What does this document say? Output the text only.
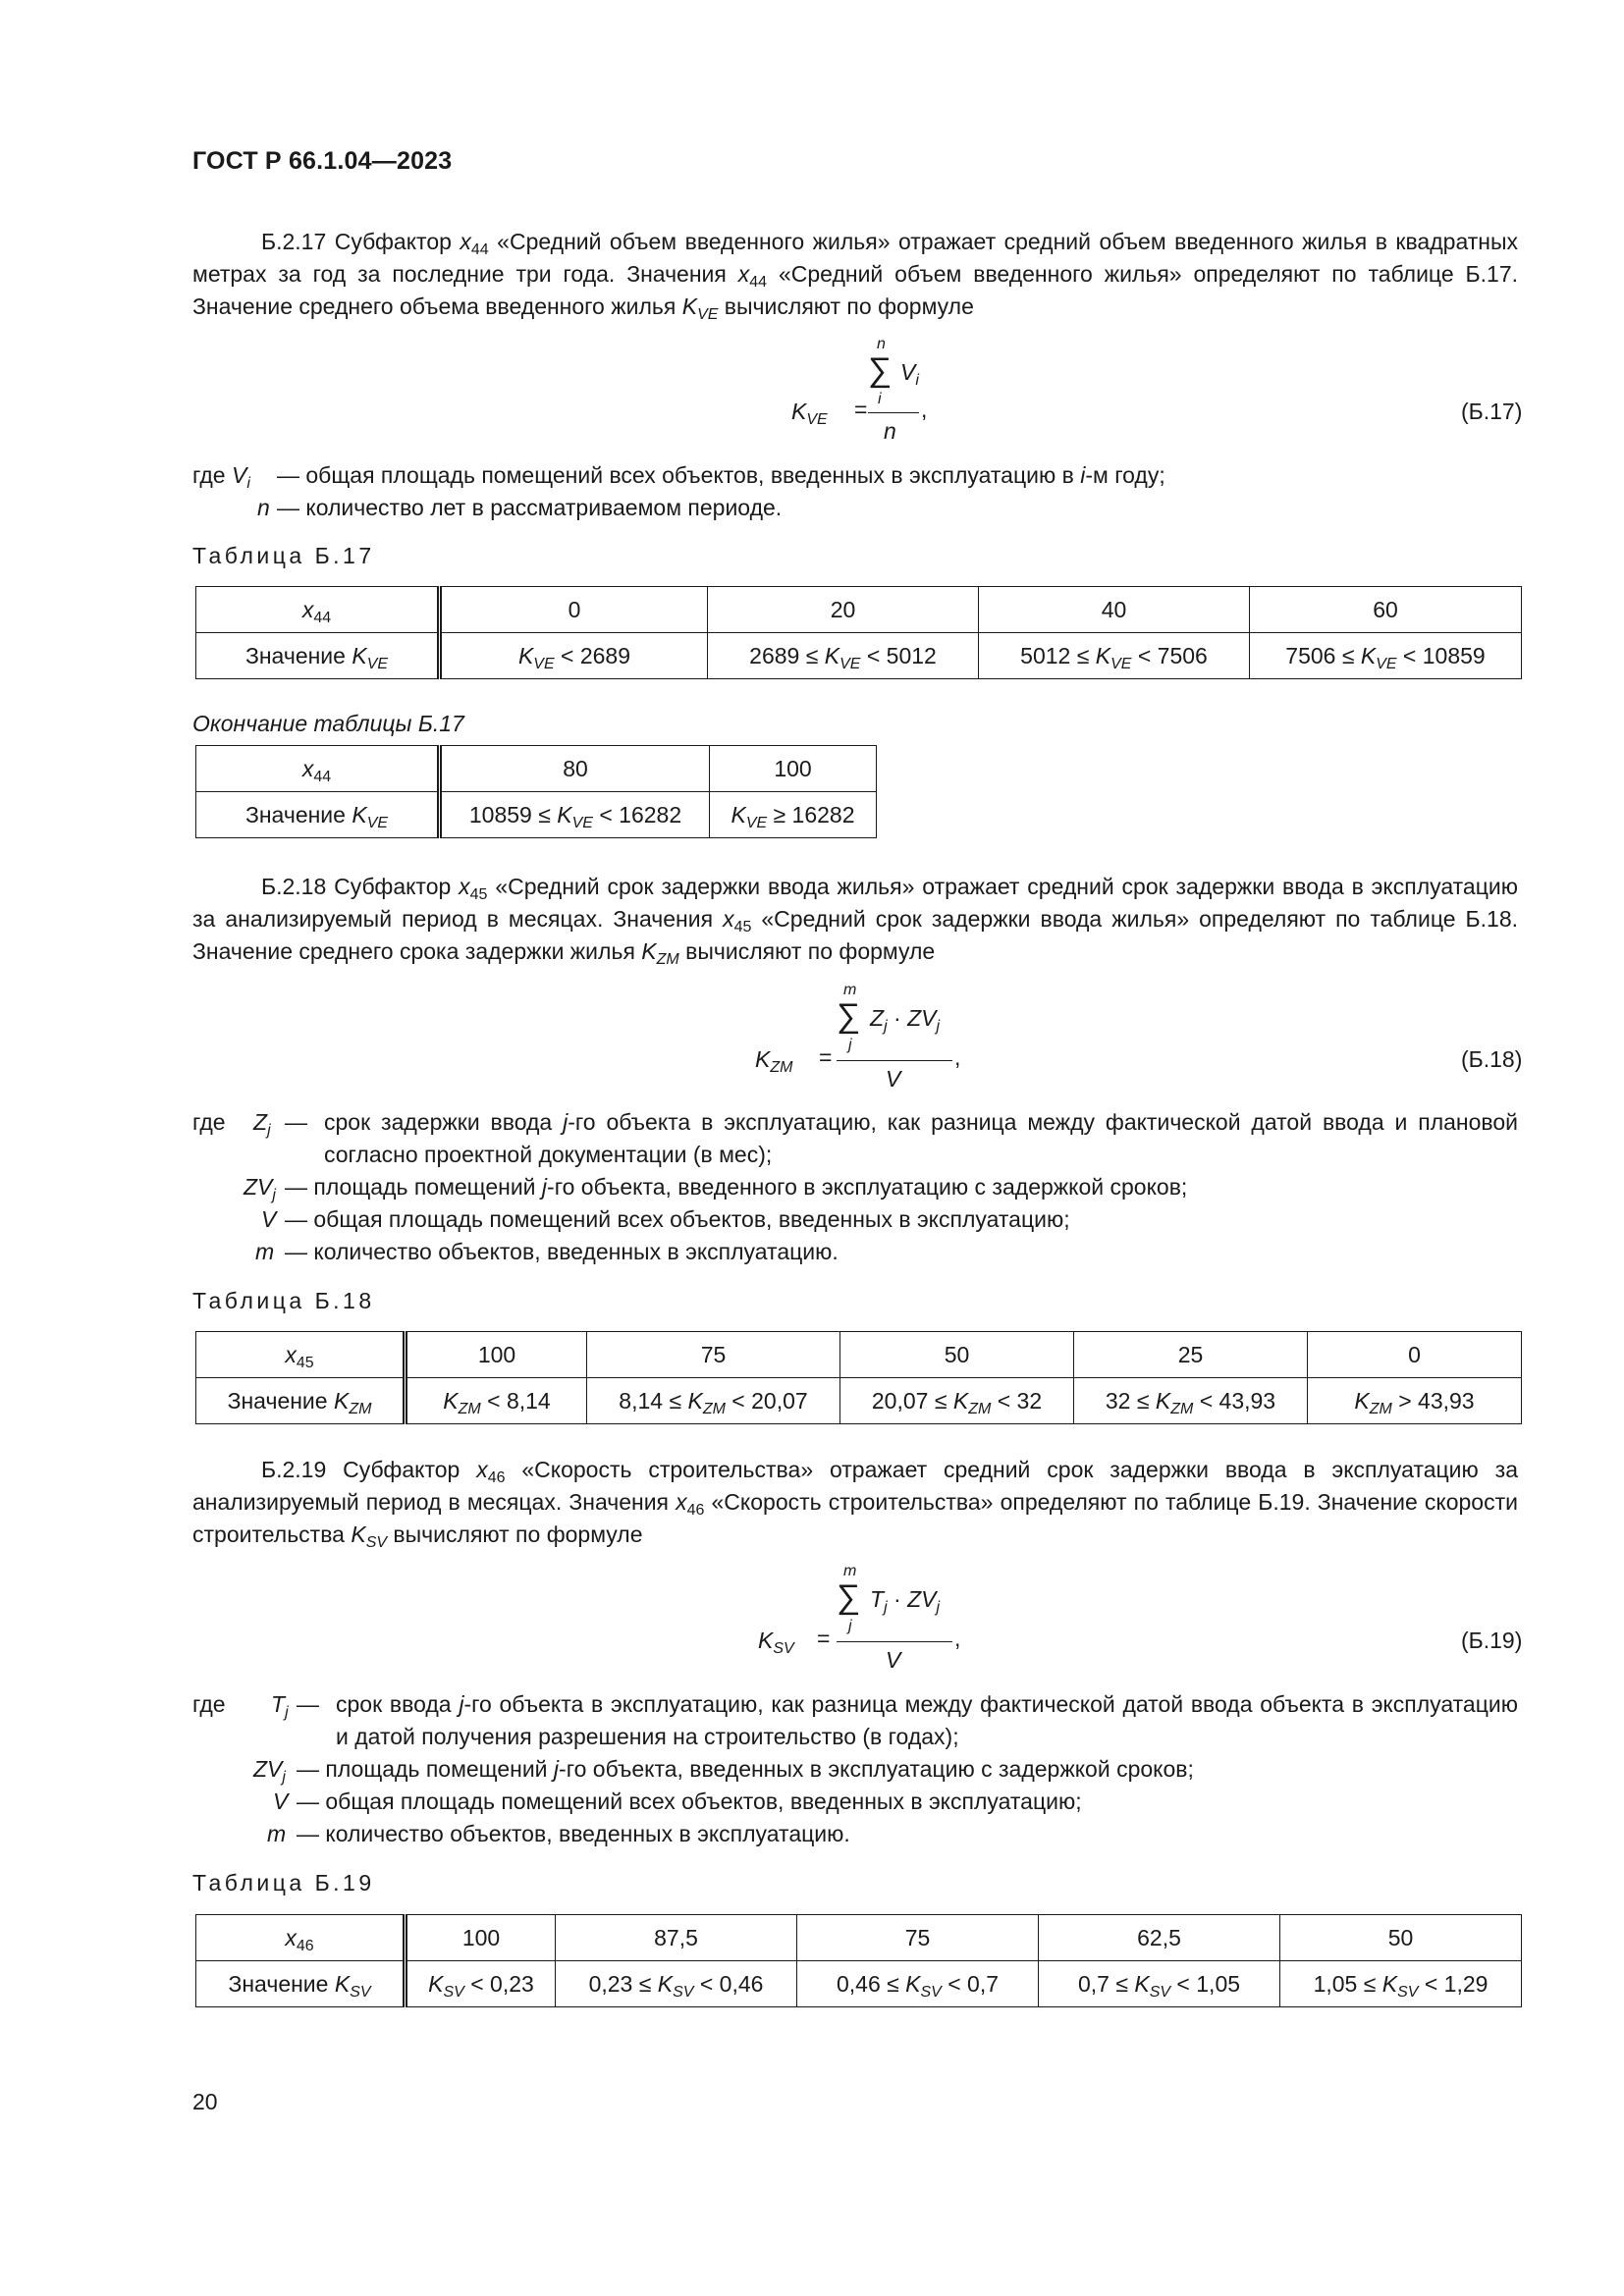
ГОСТ Р 66.1.04—2023
Б.2.17 Субфактор $x_{44}$ «Средний объем введенного жилья» отражает средний объем введенного жилья в квадратных метрах за год за последние три года. Значения $x_{44}$ «Средний объем введенного жилья» определяют по таблице Б.17. Значение среднего объема введенного жилья $K_{VE}$ вычисляют по формуле
$K_{VE}$ =
n
∑
i
$V_i$
n
,	(Б.17)
где $V_i$ — общая площадь помещений всех объектов, введенных в эксплуатацию в i-м году;
n — количество лет в рассматриваемом периоде.
Таблица Б.17
$x_{44}$	0	20	40	60
Значение $K_{VE}$	$K_{VE} < 2689$	$2689 \le K_{VE} < 5012$	$5012 \le K_{VE} < 7506$	$7506 \le K_{VE} < 10859$
Окончание таблицы Б.17
$x_{44}$	80	100
Значение $K_{VE}$	$10859 \le K_{VE} < 16282$	$K_{VE} \ge 16282$
Б.2.18 Субфактор $x_{45}$ «Средний срок задержки ввода жилья» отражает средний срок задержки ввода в эксплуатацию за анализируемый период в месяцах. Значения $x_{45}$ «Средний срок задержки ввода жилья» определяют по таблице Б.18. Значение среднего срока задержки жилья $K_{ZM}$ вычисляют по формуле
$K_{ZM}$ =
m
∑
j
$Z_j \cdot ZV_j$
V
,	(Б.18)
где $Z_j$ — срок задержки ввода j-го объекта в эксплуатацию, как разница между фактической датой ввода и плановой согласно проектной документации (в мес);
$ZV_j$ — площадь помещений j-го объекта, введенного в эксплуатацию с задержкой сроков;
V — общая площадь помещений всех объектов, введенных в эксплуатацию;
m — количество объектов, введенных в эксплуатацию.
Таблица Б.18
$x_{45}$	100	75	50	25	0
Значение $K_{ZM}$	$K_{ZM} < 8,14$	$8,14 \le K_{ZM} < 20,07$	$20,07 \le K_{ZM} < 32$	$32 \le K_{ZM} < 43,93$	$K_{ZM} > 43,93$
Б.2.19 Субфактор $x_{46}$ «Скорость строительства» отражает средний срок задержки ввода в эксплуатацию за анализируемый период в месяцах. Значения $x_{46}$ «Скорость строительства» определяют по таблице Б.19. Значение скорости строительства $K_{SV}$ вычисляют по формуле
$K_{SV}$ =
m
∑
j
$T_j \cdot ZV_j$
V
,	(Б.19)
где $T_j$ — срок ввода j-го объекта в эксплуатацию, как разница между фактической датой ввода объекта в эксплуатацию и датой получения разрешения на строительство (в годах);
$ZV_j$ — площадь помещений j-го объекта, введенных в эксплуатацию с задержкой сроков;
V — общая площадь помещений всех объектов, введенных в эксплуатацию;
m — количество объектов, введенных в эксплуатацию.
Таблица Б.19
$x_{46}$	100	87,5	75	62,5	50
Значение $K_{SV}$	$K_{SV} < 0,23$	$0,23 \le K_{SV} < 0,46$	$0,46 \le K_{SV} < 0,7$	$0,7 \le K_{SV} < 1,05$	$1,05 \le K_{SV} < 1,29$
20
